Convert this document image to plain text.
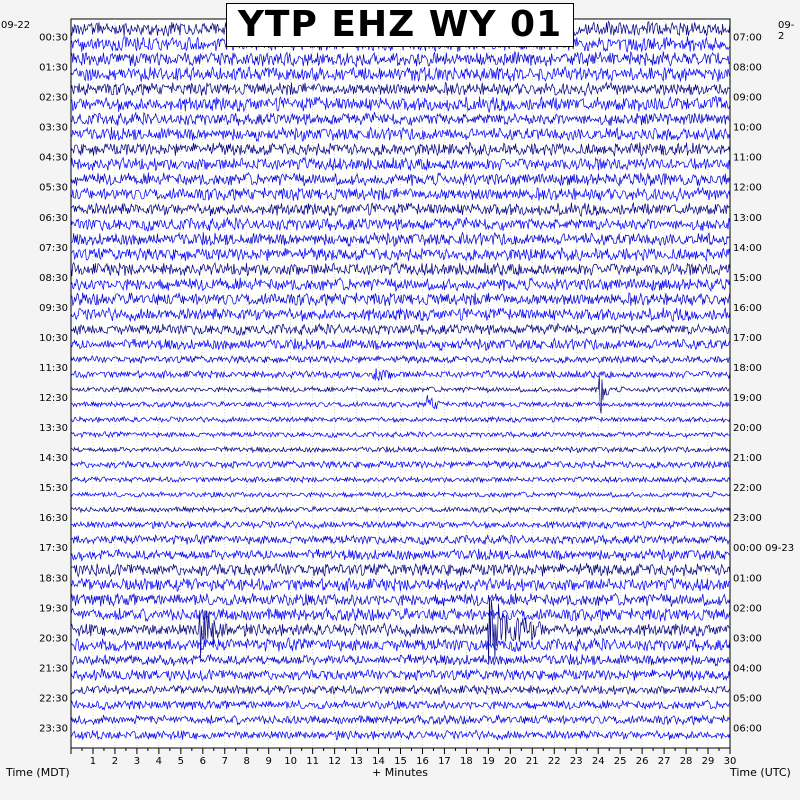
00:30
01:30
02:30
03:30
04:30
05:30
06:30
07:30
08:30
09:30
10:30
11:30
12:30
13:30
14:30
15:30
16:30
17:30
18:30
19:30
20:30
21:30
22:30
23:30
07:00
08:00
09:00
10:00
11:00
12:00
13:00
14:00
15:00
16:00
17:00
18:00
19:00
20:00
21:00
22:00
23:00
00:00 09-23
01:00
02:00
03:00
04:00
05:00
06:00
1 2 3 4 5 6 7 8 9 10 11 12 13 14 15 16 17 18 19 20 21 22 23 24 25 26 27 28 29 30
YTP EHZ WY 01
09-22	09-2
Time (MDT)	+ Minutes	Time (UTC)
